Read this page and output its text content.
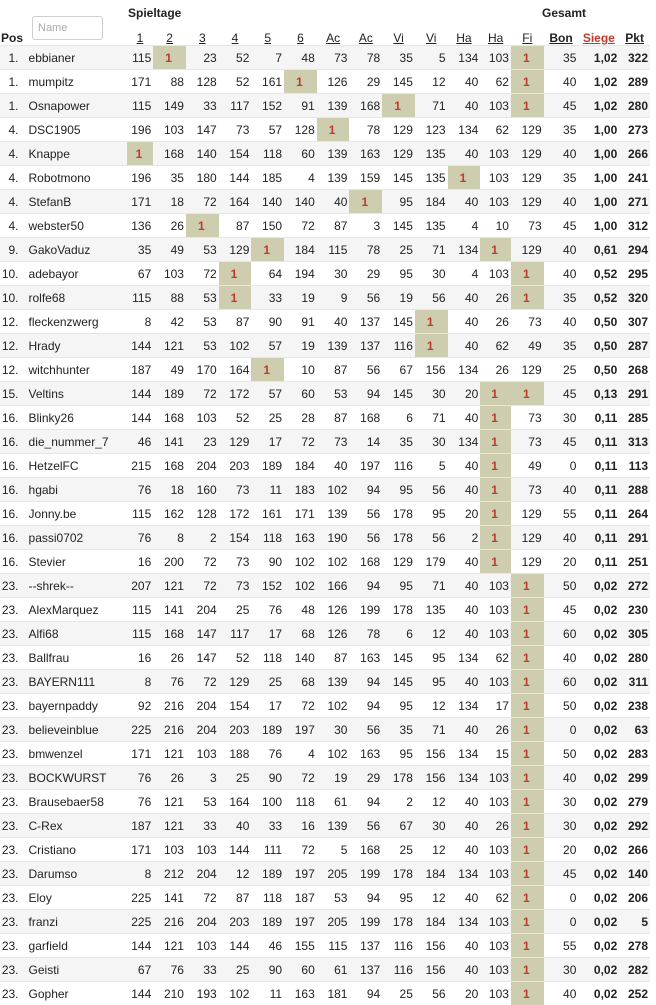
Spieltage	Gesamt
Name
Pos		1	2	3	4	5	6	Ac	Ac	Vi	Vi	Ha	Ha	Fi	Bon	Siege	Pkt
1.	ebbianer	115	1	23	52	7	48	73	78	35	5	134	103	1	35	1,02	322
1.	mumpitz	171	88	128	52	161	1	126	29	145	12	40	62	1	40	1,02	289
1.	Osnapower	115	149	33	117	152	91	139	168	1	71	40	103	1	45	1,02	280
4.	DSC1905	196	103	147	73	57	128	1	78	129	123	134	62	129	35	1,00	273
4.	Knappe	1	168	140	154	118	60	139	163	129	135	40	103	129	40	1,00	266
4.	Robotmono	196	35	180	144	185	4	139	159	145	135	1	103	129	35	1,00	241
4.	StefanB	171	18	72	164	140	140	40	1	95	184	40	103	129	40	1,00	271
4.	webster50	136	26	1	87	150	72	87	3	145	135	4	10	73	45	1,00	312
9.	GakoVaduz	35	49	53	129	1	184	115	78	25	71	134	1	129	40	0,61	294
10.	adebayor	67	103	72	1	64	194	30	29	95	30	4	103	1	40	0,52	295
10.	rolfe68	115	88	53	1	33	19	9	56	19	56	40	26	1	35	0,52	320
12.	fleckenzwerg	8	42	53	87	90	91	40	137	145	1	40	26	73	40	0,50	307
12.	Hrady	144	121	53	102	57	19	139	137	116	1	40	62	49	35	0,50	287
12.	witchhunter	187	49	170	164	1	10	87	56	67	156	134	26	129	25	0,50	268
15.	Veltins	144	189	72	172	57	60	53	94	145	30	20	1	1	45	0,13	291
16.	Blinky26	144	168	103	52	25	28	87	168	6	71	40	1	73	30	0,11	285
16.	die_nummer_7	46	141	23	129	17	72	73	14	35	30	134	1	73	45	0,11	313
16.	HetzelFC	215	168	204	203	189	184	40	197	116	5	40	1	49	0	0,11	113
16.	hgabi	76	18	160	73	11	183	102	94	95	56	40	1	73	40	0,11	288
16.	Jonny.be	115	162	128	172	161	171	139	56	178	95	20	1	129	55	0,11	264
16.	passi0702	76	8	2	154	118	163	190	56	178	56	2	1	129	40	0,11	291
16.	Stevier	16	200	72	73	90	102	102	168	129	179	40	1	129	20	0,11	251
23.	--shrek--	207	121	72	73	152	102	166	94	95	71	40	103	1	50	0,02	272
23.	AlexMarquez	115	141	204	25	76	48	126	199	178	135	40	103	1	45	0,02	230
23.	Alfi68	115	168	147	117	17	68	126	78	6	12	40	103	1	60	0,02	305
23.	Ballfrau	16	26	147	52	118	140	87	163	145	95	134	62	1	40	0,02	280
23.	BAYERN111	8	76	72	129	25	68	139	94	145	95	40	103	1	60	0,02	311
23.	bayernpaddy	92	216	204	154	17	72	102	94	95	12	134	17	1	50	0,02	238
23.	believeinblue	225	216	204	203	189	197	30	56	35	71	40	26	1	0	0,02	63
23.	bmwenzel	171	121	103	188	76	4	102	163	95	156	134	15	1	50	0,02	283
23.	BOCKWURST	76	26	3	25	90	72	19	29	178	156	134	103	1	40	0,02	299
23.	Brausebaer58	76	121	53	164	100	118	61	94	2	12	40	103	1	30	0,02	279
23.	C-Rex	187	121	33	40	33	16	139	56	67	30	40	26	1	30	0,02	292
23.	Cristiano	171	103	103	144	111	72	5	168	25	12	40	103	1	20	0,02	266
23.	Darumso	8	212	204	12	189	197	205	199	178	184	134	103	1	45	0,02	140
23.	Eloy	225	141	72	87	118	187	53	94	95	12	40	62	1	0	0,02	206
23.	franzi	225	216	204	203	189	197	205	199	178	184	134	103	1	0	0,02	5
23.	garfield	144	121	103	144	46	155	115	137	116	156	40	103	1	55	0,02	278
23.	Geisti	67	76	33	25	90	60	61	137	116	156	40	103	1	30	0,02	282
23.	Gopher	144	210	193	102	11	163	181	94	25	56	20	103	1	40	0,02	252
